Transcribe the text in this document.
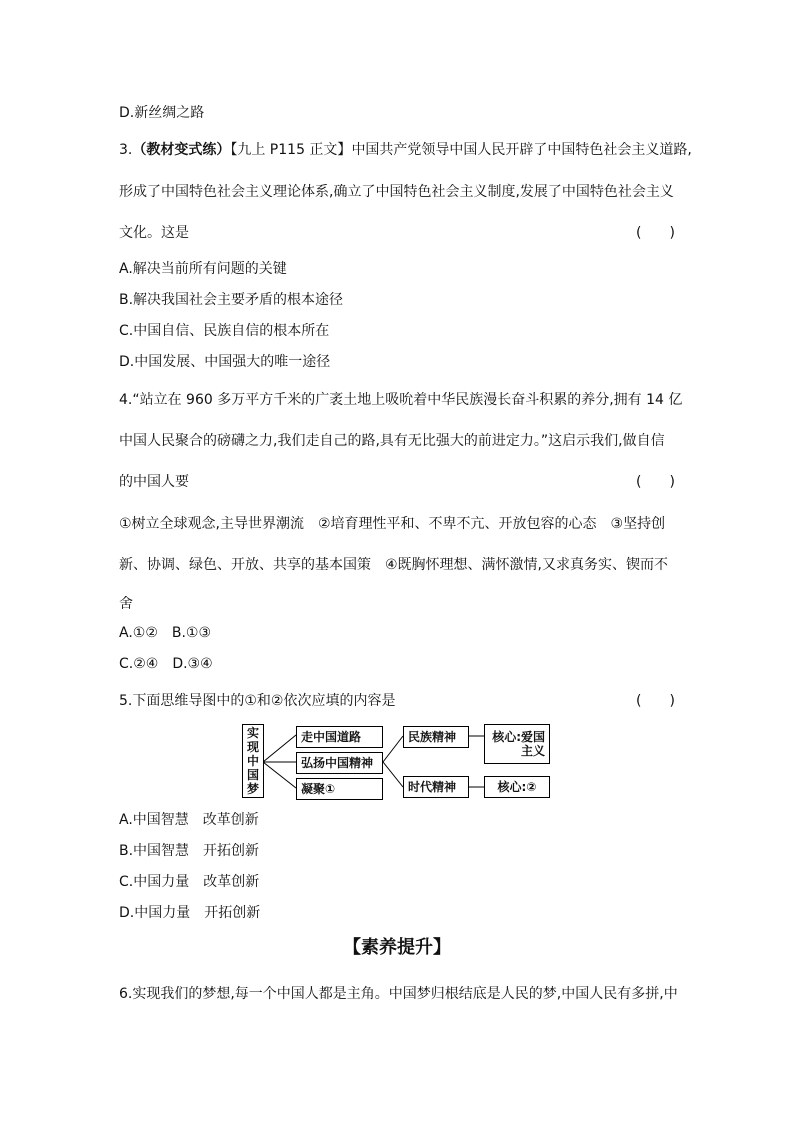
D.新丝绸之路
3.（教材变式练）【九上 P115 正文】中国共产党领导中国人民开辟了中国特色社会主义道路,
形成了中国特色社会主义理论体系,确立了中国特色社会主义制度,发展了中国特色社会主义
文化。这是	(　　)
A.解决当前所有问题的关键
B.解决我国社会主要矛盾的根本途径
C.中国自信、民族自信的根本所在
D.中国发展、中国强大的唯一途径
4.“站立在 960 多万平方千米的广袤土地上吸吮着中华民族漫长奋斗积累的养分,拥有 14 亿
中国人民聚合的磅礴之力,我们走自己的路,具有无比强大的前进定力。”这启示我们,做自信
的中国人要	(　　)
①树立全球观念,主导世界潮流　②培育理性平和、不卑不亢、开放包容的心态　③坚持创
新、协调、绿色、开放、共享的基本国策　④既胸怀理想、满怀激情,又求真务实、锲而不
舍
A.①②　B.①③
C.②④　D.③④
5.下面思维导图中的①和②依次应填的内容是	(　　)
实
现
中
国
梦
走中国道路
弘扬中国精神
凝聚①
民族精神
时代精神
核心:爱国
主义
核心:②
A.中国智慧　改革创新
B.中国智慧　开拓创新
C.中国力量　改革创新
D.中国力量　开拓创新
【素养提升】
6.实现我们的梦想,每一个中国人都是主角。中国梦归根结底是人民的梦,中国人民有多拼,中
